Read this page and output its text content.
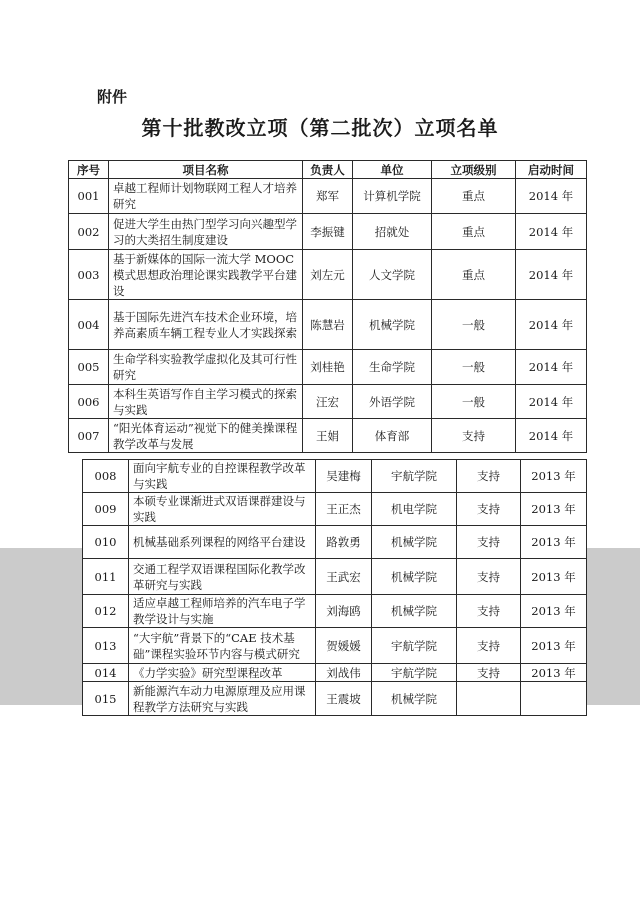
附件
第十批教改立项（第二批次）立项名单
序号	项目名称	负责人	单位	立项级别	启动时间
001	卓越工程师计划物联网工程人才培养研究	郑军	计算机学院	重点	2014 年
002	促进大学生由热门型学习向兴趣型学习的大类招生制度建设	李振键	招就处	重点	2014 年
003	基于新媒体的国际一流大学 MOOC 模式思想政治理论课实践教学平台建设	刘左元	人文学院	重点	2014 年
004	基于国际先进汽车技术企业环境，培养高素质车辆工程专业人才实践探索	陈慧岩	机械学院	一般	2014 年
005	生命学科实验教学虚拟化及其可行性研究	刘桂艳	生命学院	一般	2014 年
006	本科生英语写作自主学习模式的探索与实践	汪宏	外语学院	一般	2014 年
007	“阳光体育运动”视觉下的健美操课程教学改革与发展	王娟	体育部	支持	2014 年
008	面向宇航专业的自控课程教学改革与实践	吴建梅	宇航学院	支持	2013 年
009	本硕专业课渐进式双语课群建设与实践	王正杰	机电学院	支持	2013 年
010	机械基础系列课程的网络平台建设	路敦勇	机械学院	支持	2013 年
011	交通工程学双语课程国际化教学改革研究与实践	王武宏	机械学院	支持	2013 年
012	适应卓越工程师培养的汽车电子学教学设计与实施	刘海鸥	机械学院	支持	2013 年
013	“大宇航”背景下的“CAE 技术基础”课程实验环节内容与模式研究	贺媛媛	宇航学院	支持	2013 年
014	《力学实验》研究型课程改革	刘战伟	宇航学院	支持	2013 年
015	新能源汽车动力电源原理及应用课程教学方法研究与实践	王震坡	机械学院		
